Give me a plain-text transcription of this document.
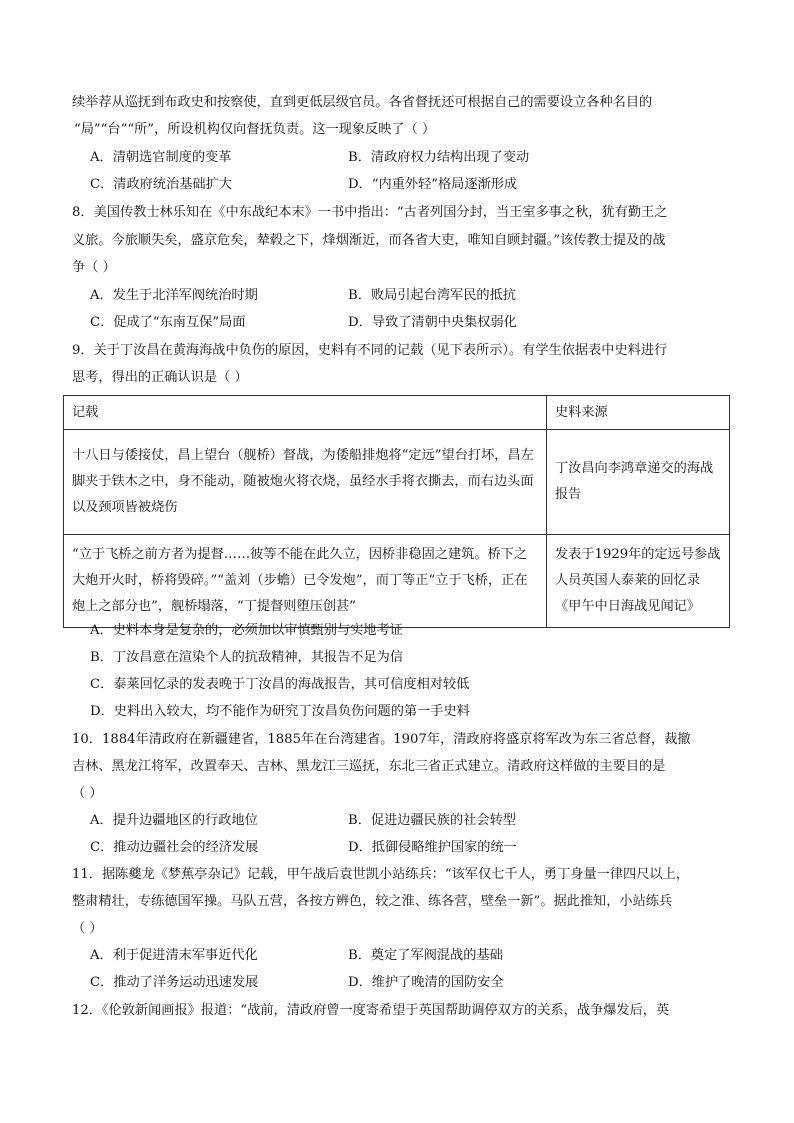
续举荐从巡抚到布政史和按察使，直到更低层级官员。各省督抚还可根据自己的需要设立各种名目的
“局”“台”“所”，所设机构仅向督抚负责。这一现象反映了（ ）
A．清朝选官制度的变革	B．清政府权力结构出现了变动
C．清政府统治基础扩大	D．“内重外轻”格局逐渐形成
8．美国传教士林乐知在《中东战纪本末》一书中指出：“古者列国分封，当王室多事之秋，犹有勤王之
义旅。今旅顺失矣，盛京危矣，辇毂之下，烽烟渐近，而各省大吏，唯知自顾封疆。”该传教士提及的战
争（ ）
A．发生于北洋军阀统治时期	B．败局引起台湾军民的抵抗
C．促成了“东南互保”局面	D．导致了清朝中央集权弱化
9．关于丁汝昌在黄海海战中负伤的原因，史料有不同的记载（见下表所示）。有学生依据表中史料进行
思考，得出的正确认识是（ ）
记载	史料来源
十八日与倭接仗，昌上望台（舰桥）督战，为倭船排炮将“定远”望台打坏，昌左脚夹于铁木之中，身不能动，随被炮火将衣烧，虽经水手将衣撕去，而右边头面以及颈项皆被烧伤	丁汝昌向李鸿章递交的海战报告
“立于飞桥之前方者为提督……彼等不能在此久立，因桥非稳固之建筑。桥下之大炮开火时，桥将毁碎。”“盖刘（步蟾）已令发炮”，而丁等正“立于飞桥，正在炮上之部分也”，舰桥塌落，“丁提督则堕压创甚”	发表于1929年的定远号参战人员英国人泰莱的回忆录《甲午中日海战见闻记》
A．史料本身是复杂的，必须加以审慎甄别与实地考证
B．丁汝昌意在渲染个人的抗敌精神，其报告不足为信
C．泰莱回忆录的发表晚于丁汝昌的海战报告，其可信度相对较低
D．史料出入较大，均不能作为研究丁汝昌负伤问题的第一手史料
10．1884年清政府在新疆建省，1885年在台湾建省。1907年，清政府将盛京将军改为东三省总督，裁撤
吉林、黑龙江将军，改置奉天、吉林、黑龙江三巡抚，东北三省正式建立。清政府这样做的主要目的是
（ ）
A．提升边疆地区的行政地位	B．促进边疆民族的社会转型
C．推动边疆社会的经济发展	D．抵御侵略维护国家的统一
11．据陈夔龙《梦蕉亭杂记》记载，甲午战后袁世凯小站练兵：“该军仅七千人，勇丁身量一律四尺以上，
整肃精壮，专练德国军操。马队五营，各按方辨色，较之淮、练各营，壁垒一新”。据此推知，小站练兵
（ ）
A．利于促进清末军事近代化	B．奠定了军阀混战的基础
C．推动了洋务运动迅速发展	D．维护了晚清的国防安全
12．《伦敦新闻画报》报道：“战前，清政府曾一度寄希望于英国帮助调停双方的关系，战争爆发后，英
